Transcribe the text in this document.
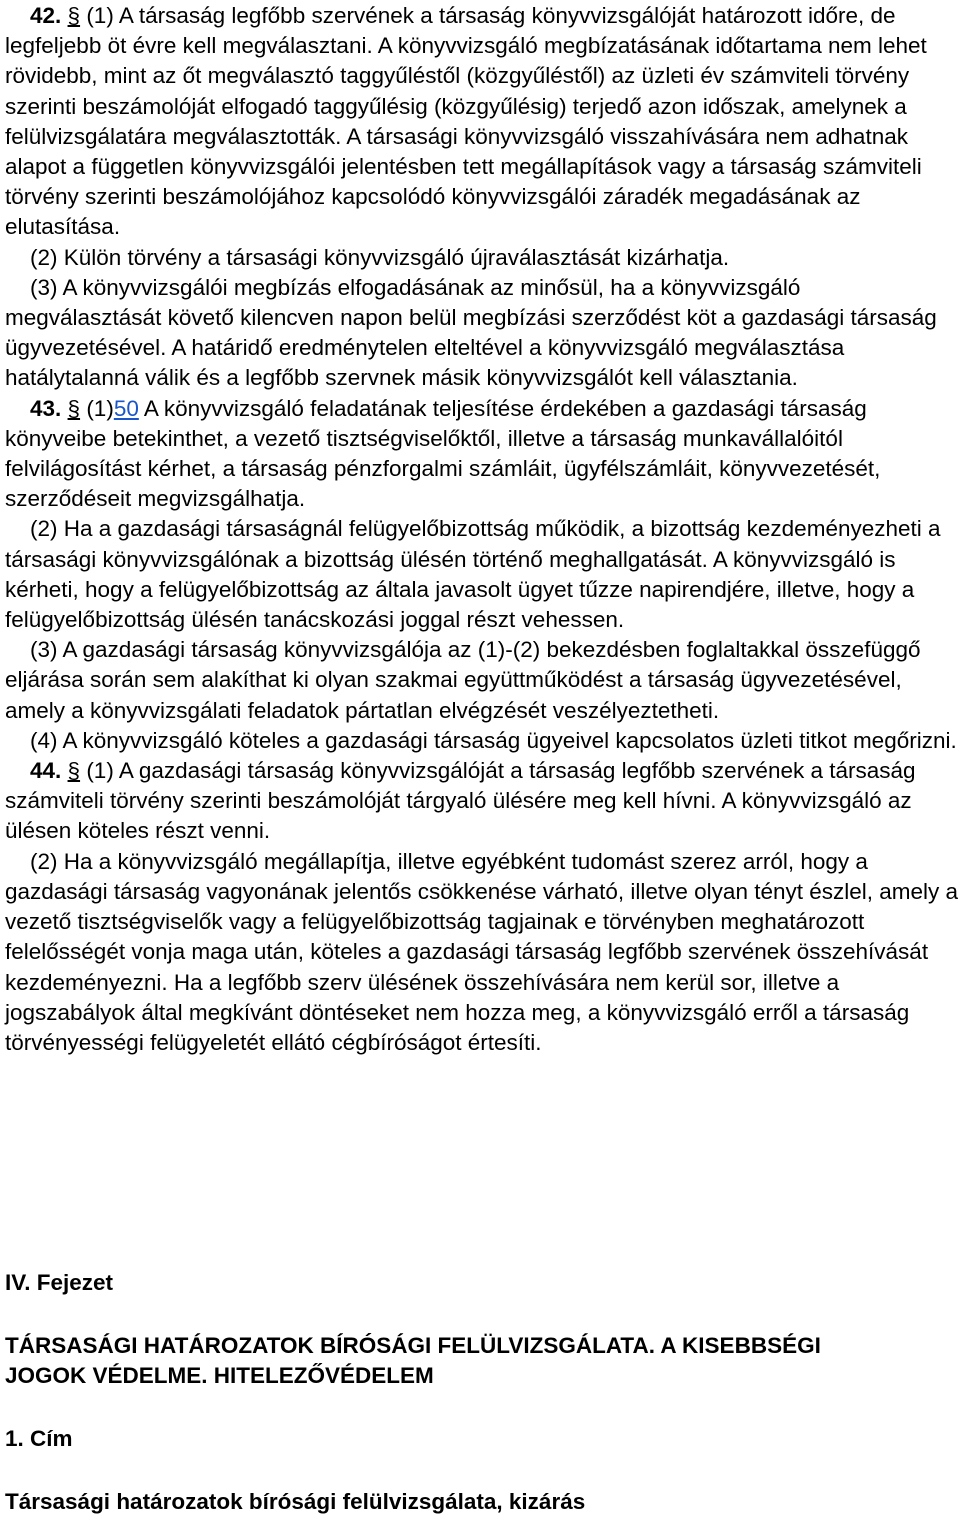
42. § (1) A társaság legfőbb szervének a társaság könyvvizsgálóját határozott időre, de legfeljebb öt évre kell megválasztani. A könyvvizsgáló megbízatásának időtartama nem lehet rövidebb, mint az őt megválasztó taggyűléstől (közgyűléstől) az üzleti év számviteli törvény szerinti beszámolóját elfogadó taggyűlésig (közgyűlésig) terjedő azon időszak, amelynek a felülvizsgálatára megválasztották. A társasági könyvvizsgáló visszahívására nem adhatnak alapot a független könyvvizsgálói jelentésben tett megállapítások vagy a társaság számviteli törvény szerinti beszámolójához kapcsolódó könyvvizsgálói záradék megadásának az elutasítása.

(2) Külön törvény a társasági könyvvizsgáló újraválasztását kizárhatja.

(3) A könyvvizsgálói megbízás elfogadásának az minősül, ha a könyvvizsgáló megválasztását követő kilencven napon belül megbízási szerződést köt a gazdasági társaság ügyvezetésével. A határidő eredménytelen elteltével a könyvvizsgáló megválasztása hatálytalanná válik és a legfőbb szervnek másik könyvvizsgálót kell választania.

43. § (1)50 A könyvvizsgáló feladatának teljesítése érdekében a gazdasági társaság könyveibe betekinthet, a vezető tisztségviselőktől, illetve a társaság munkavállalóitól felvilágosítást kérhet, a társaság pénzforgalmi számláit, ügyfélszámláit, könyvvezetését, szerződéseit megvizsgálhatja.

(2) Ha a gazdasági társaságnál felügyelőbizottság működik, a bizottság kezdeményezheti a társasági könyvvizsgálónak a bizottság ülésén történő meghallgatását. A könyvvizsgáló is kérheti, hogy a felügyelőbizottság az általa javasolt ügyet tűzze napirendjére, illetve, hogy a felügyelőbizottság ülésén tanácskozási joggal részt vehessen.

(3) A gazdasági társaság könyvvizsgálója az (1)-(2) bekezdésben foglaltakkal összefüggő eljárása során sem alakíthat ki olyan szakmai együttműködést a társaság ügyvezetésével, amely a könyvvizsgálati feladatok pártatlan elvégzését veszélyeztetheti.

(4) A könyvvizsgáló köteles a gazdasági társaság ügyeivel kapcsolatos üzleti titkot megőrizni.

44. § (1) A gazdasági társaság könyvvizsgálóját a társaság legfőbb szervének a társaság számviteli törvény szerinti beszámolóját tárgyaló ülésére meg kell hívni. A könyvvizsgáló az ülésen köteles részt venni.

(2) Ha a könyvvizsgáló megállapítja, illetve egyébként tudomást szerez arról, hogy a gazdasági társaság vagyonának jelentős csökkenése várható, illetve olyan tényt észlel, amely a vezető tisztségviselők vagy a felügyelőbizottság tagjainak e törvényben meghatározott felelősségét vonja maga után, köteles a gazdasági társaság legfőbb szervének összehívását kezdeményezni. Ha a legfőbb szerv ülésének összehívására nem kerül sor, illetve a jogszabályok által megkívánt döntéseket nem hozza meg, a könyvvizsgáló erről a társaság törvényességi felügyeletét ellátó cégbíróságot értesíti.

IV. Fejezet
TÁRSASÁGI HATÁROZATOK BÍRÓSÁGI FELÜLVIZSGÁLATA. A KISEBBSÉGI JOGOK VÉDELME. HITELEZŐVÉDELEM
1. Cím
Társasági határozatok bírósági felülvizsgálata, kizárás
